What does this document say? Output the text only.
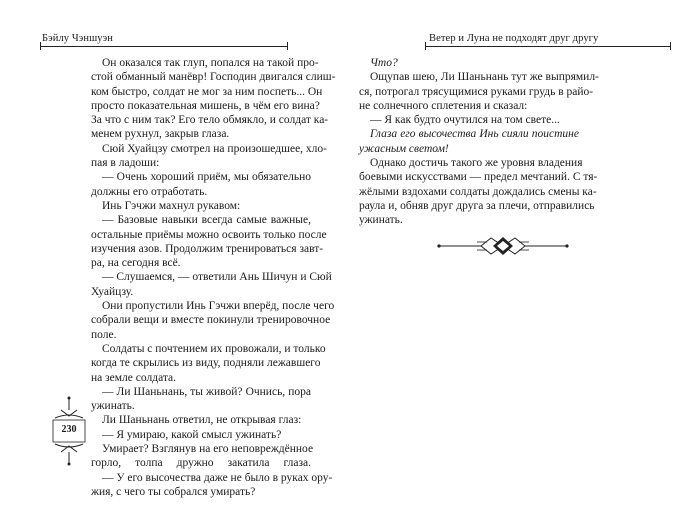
Бэйлу Чэншуэн
Он оказался так глуп, попался на такой про-
стой обманный манёвр! Господин двигался слиш-
ком быстро, солдат не мог за ним поспеть... Он
просто показательная мишень, в чём его вина?
За что с ним так? Его тело обмякло, и солдат ка-
менем рухнул, закрыв глаза.
Сюй Хуайцзу смотрел на произошедшее, хло-
пая в ладоши:
— Очень хороший приём, мы обязательно
должны его отработать.
Инь Гэчжи махнул рукавом:
— Базовые навыки всегда самые важные,
остальные приёмы можно освоить только после
изучения азов. Продолжим тренироваться завт-
ра, на сегодня всё.
— Слушаемся, — ответили Ань Шичун и Сюй
Хуайцзу.
Они пропустили Инь Гэчжи вперёд, после чего
собрали вещи и вместе покинули тренировочное
поле.
Солдаты с почтением их провожали, и только
когда те скрылись из виду, подняли лежавшего
на земле солдата.
— Ли Шаньнань, ты живой? Очнись, пора
ужинать.
Ли Шаньнань ответил, не открывая глаз:
— Я умираю, какой смысл ужинать?
Умирает? Взглянув на его неповреждённое
горло, толпа дружно закатила глаза.
— У его высочества даже не было в руках ору-
жия, с чего ты собрался умирать?
230
Ветер и Луна не подходят друг другу
Что?
Ощупав шею, Ли Шаньнань тут же выпрямил-
ся, потрогал трясущимися руками грудь в райо-
не солнечного сплетения и сказал:
— Я как будто очутился на том свете...
Глаза его высочества Инь сияли поистине
ужасным светом!
Однако достичь такого же уровня владения
боевыми искусствами — предел мечтаний. С тя-
жёлыми вздохами солдаты дождались смены ка-
раула и, обняв друг друга за плечи, отправились
ужинать.
